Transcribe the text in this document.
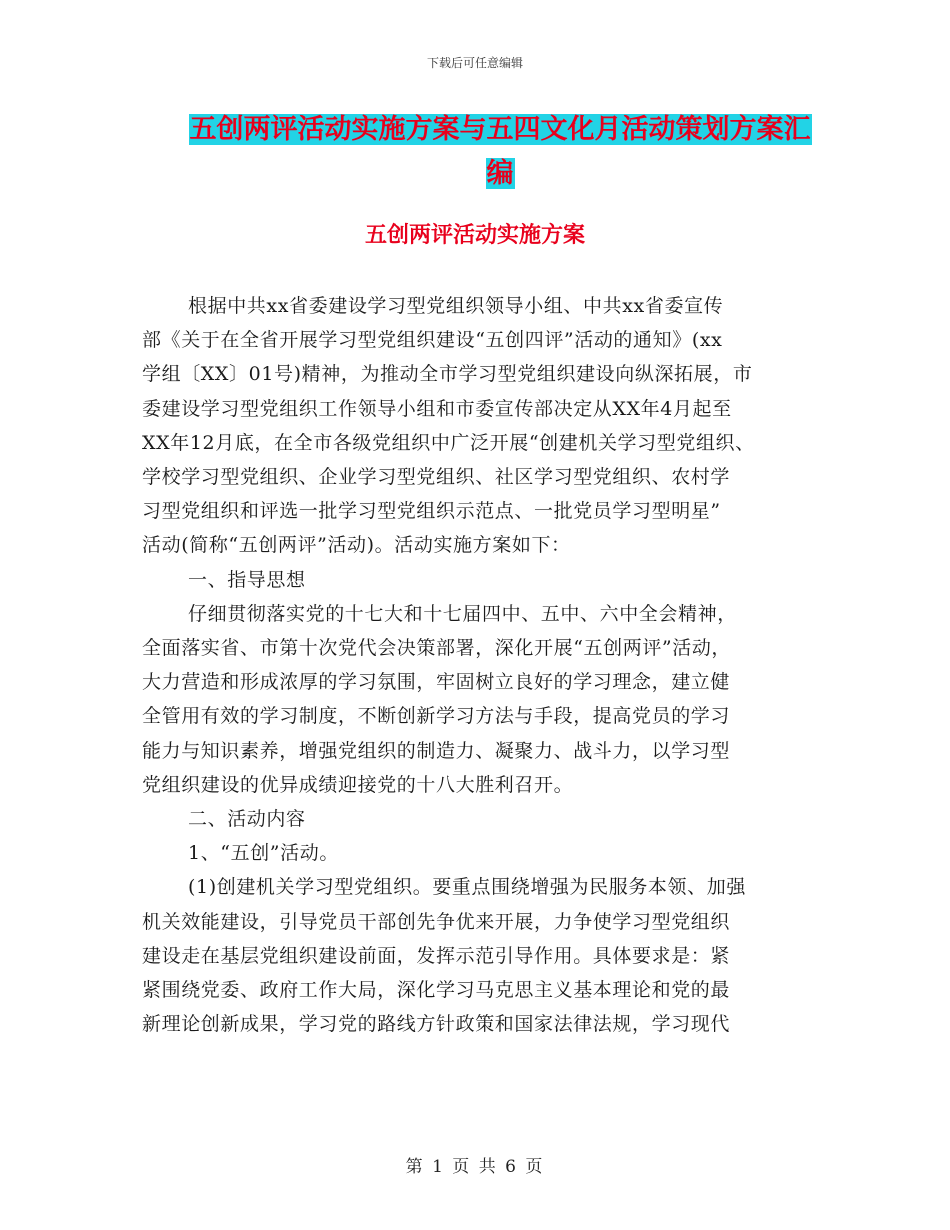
下载后可任意编辑
五创两评活动实施方案与五四文化月活动策划方案汇
编
五创两评活动实施方案

根据中共xx省委建设学习型党组织领导小组、中共xx省委宣传

部《关于在全省开展学习型党组织建设“五创四评”活动的通知》(xx

学组〔XX〕01号)精神，为推动全市学习型党组织建设向纵深拓展，市

委建设学习型党组织工作领导小组和市委宣传部决定从XX年4月起至

XX年12月底，在全市各级党组织中广泛开展“创建机关学习型党组织、

学校学习型党组织、企业学习型党组织、社区学习型党组织、农村学

习型党组织和评选一批学习型党组织示范点、一批党员学习型明星”

活动(简称“五创两评”活动)。活动实施方案如下：

一、指导思想

仔细贯彻落实党的十七大和十七届四中、五中、六中全会精神，

全面落实省、市第十次党代会决策部署，深化开展“五创两评”活动，

大力营造和形成浓厚的学习氛围，牢固树立良好的学习理念，建立健

全管用有效的学习制度，不断创新学习方法与手段，提高党员的学习

能力与知识素养，增强党组织的制造力、凝聚力、战斗力，以学习型

党组织建设的优异成绩迎接党的十八大胜利召开。

二、活动内容

1、“五创”活动。

(1)创建机关学习型党组织。要重点围绕增强为民服务本领、加强

机关效能建设，引导党员干部创先争优来开展，力争使学习型党组织

建设走在基层党组织建设前面，发挥示范引导作用。具体要求是：紧

紧围绕党委、政府工作大局，深化学习马克思主义基本理论和党的最

新理论创新成果，学习党的路线方针政策和国家法律法规，学习现代

第 1 页 共 6 页
